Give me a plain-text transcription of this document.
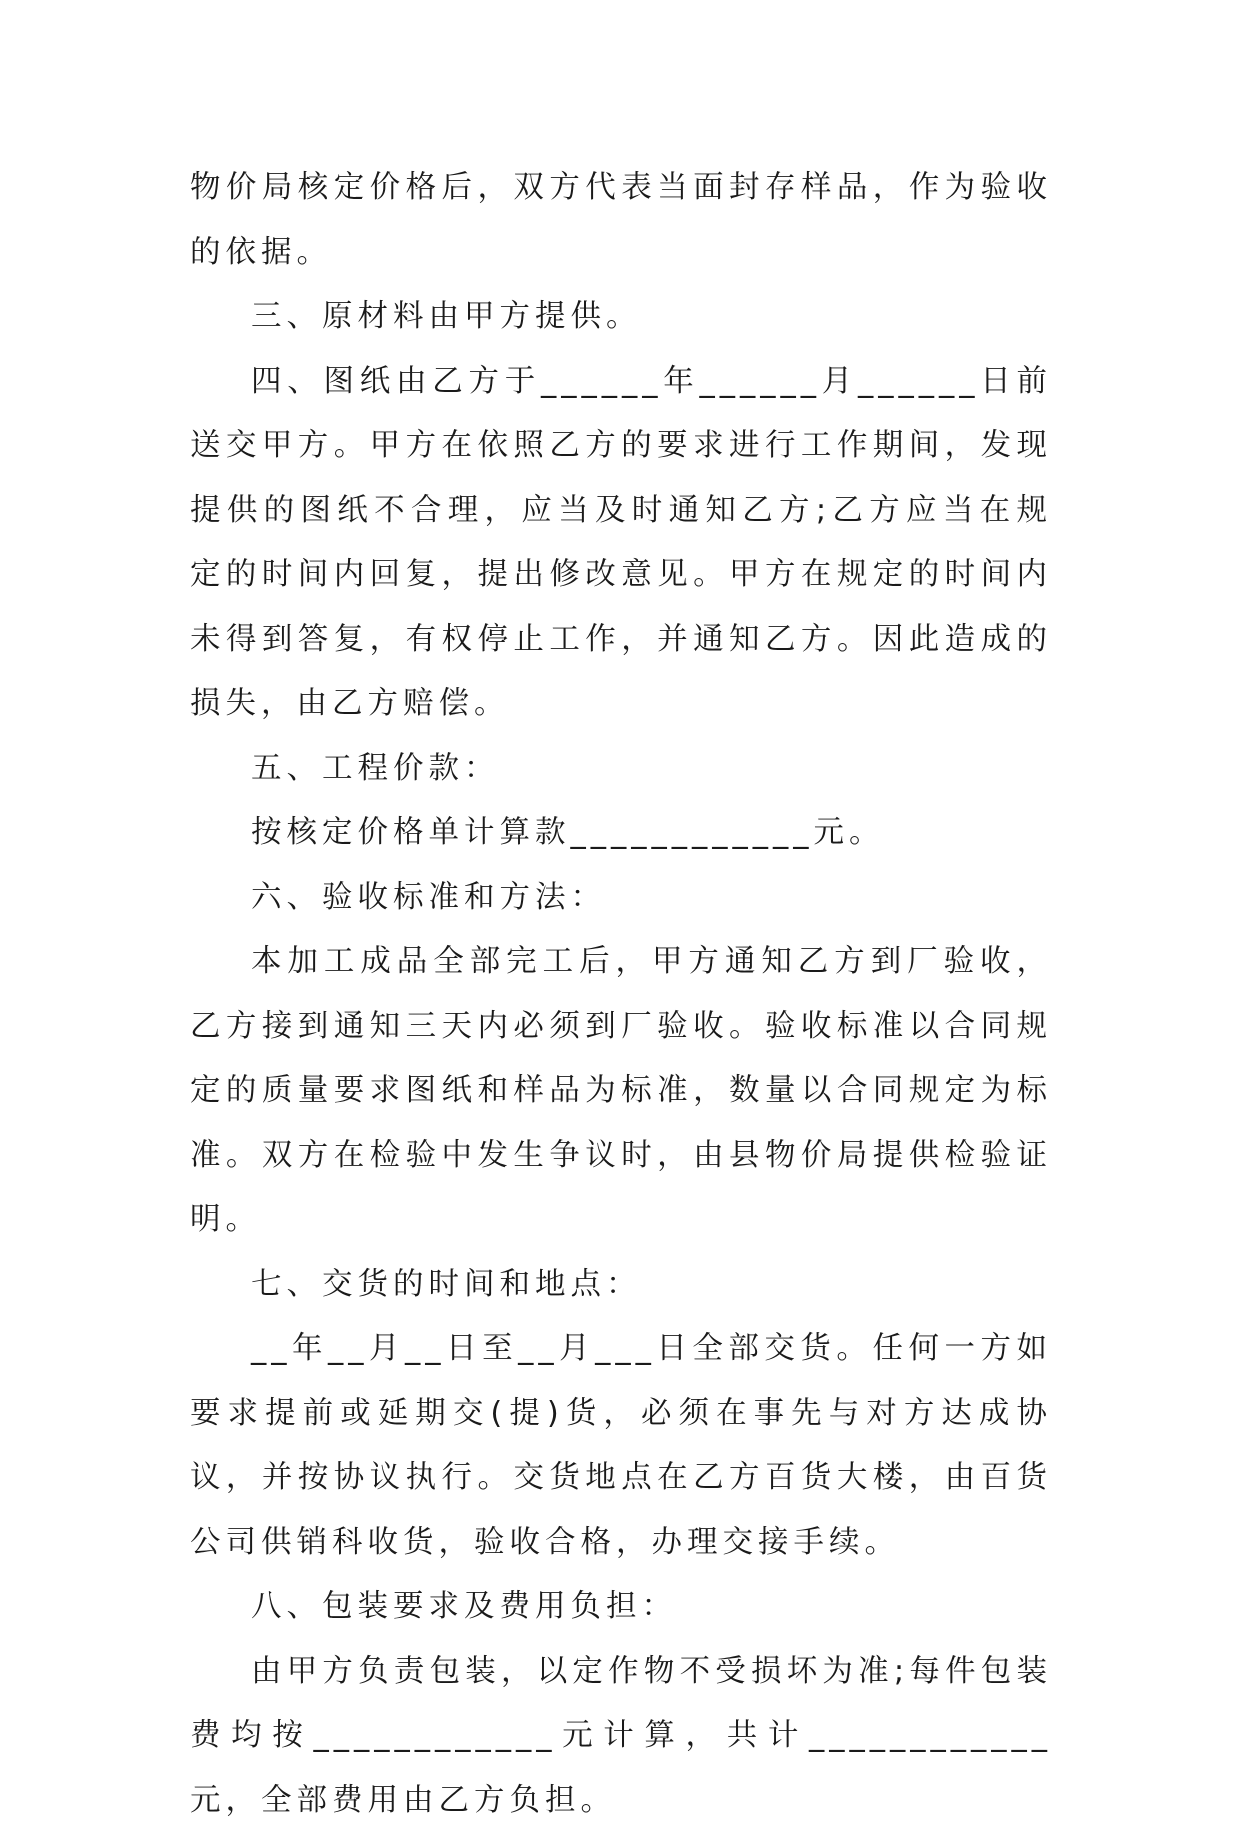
物价局核定价格后，双方代表当面封存样品，作为验收的依据。

三、原材料由甲方提供。

四、图纸由乙方于______年______月______日前送交甲方。甲方在依照乙方的要求进行工作期间，发现提供的图纸不合理，应当及时通知乙方;乙方应当在规定的时间内回复，提出修改意见。甲方在规定的时间内未得到答复，有权停止工作，并通知乙方。因此造成的损失，由乙方赔偿。

五、工程价款：

按核定价格单计算款____________元。

六、验收标准和方法：

本加工成品全部完工后，甲方通知乙方到厂验收，乙方接到通知三天内必须到厂验收。验收标准以合同规定的质量要求图纸和样品为标准，数量以合同规定为标准。双方在检验中发生争议时，由县物价局提供检验证明。

七、交货的时间和地点：

__年__月__日至__月___日全部交货。任何一方如要求提前或延期交(提)货，必须在事先与对方达成协议，并按协议执行。交货地点在乙方百货大楼，由百货公司供销科收货，验收合格，办理交接手续。

八、包装要求及费用负担：

由甲方负责包装，以定作物不受损坏为准;每件包装费均按____________元计算，共计____________元，全部费用由乙方负担。
